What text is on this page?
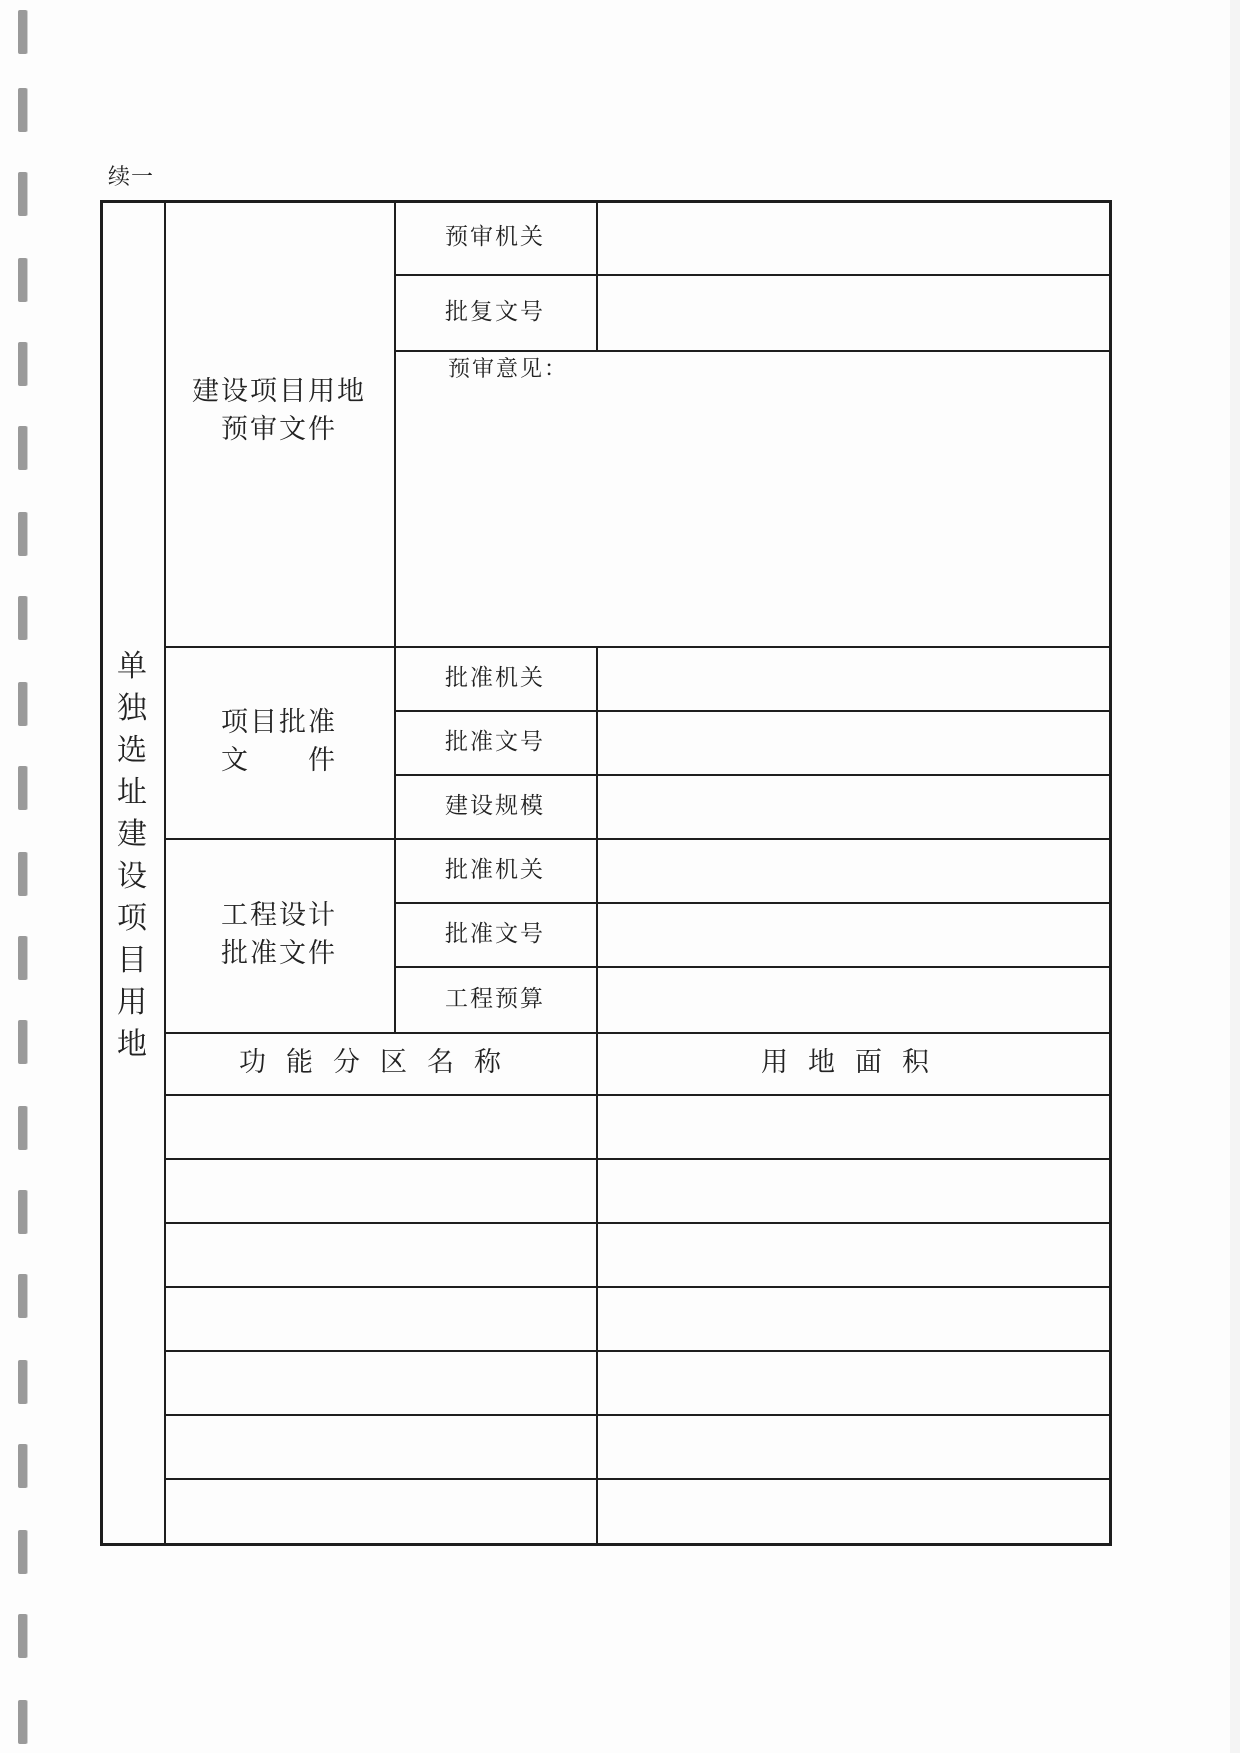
续一
单
独
选
址
建
设
项
目
用
地
建设项目用地
预审文件
预审机关
批复文号
预审意见：
项目批准
文　　件
批准机关
批准文号
建设规模
工程设计
批准文件
批准机关
批准文号
工程预算
功能分区名称	用地面积
